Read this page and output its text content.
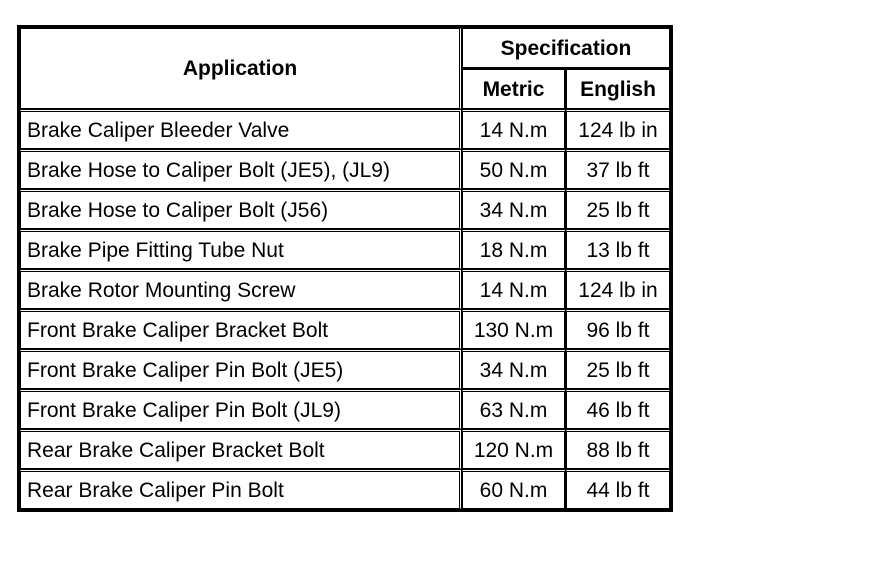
Application	Specification	
	Metric	English
Brake Caliper Bleeder Valve	14 N.m	124 lb in
Brake Hose to Caliper Bolt (JE5), (JL9)	50 N.m	37 lb ft
Brake Hose to Caliper Bolt (J56)	34 N.m	25 lb ft
Brake Pipe Fitting Tube Nut	18 N.m	13 lb ft
Brake Rotor Mounting Screw	14 N.m	124 lb in
Front Brake Caliper Bracket Bolt	130 N.m	96 lb ft
Front Brake Caliper Pin Bolt (JE5)	34 N.m	25 lb ft
Front Brake Caliper Pin Bolt (JL9)	63 N.m	46 lb ft
Rear Brake Caliper Bracket Bolt	120 N.m	88 lb ft
Rear Brake Caliper Pin Bolt	60 N.m	44 lb ft
